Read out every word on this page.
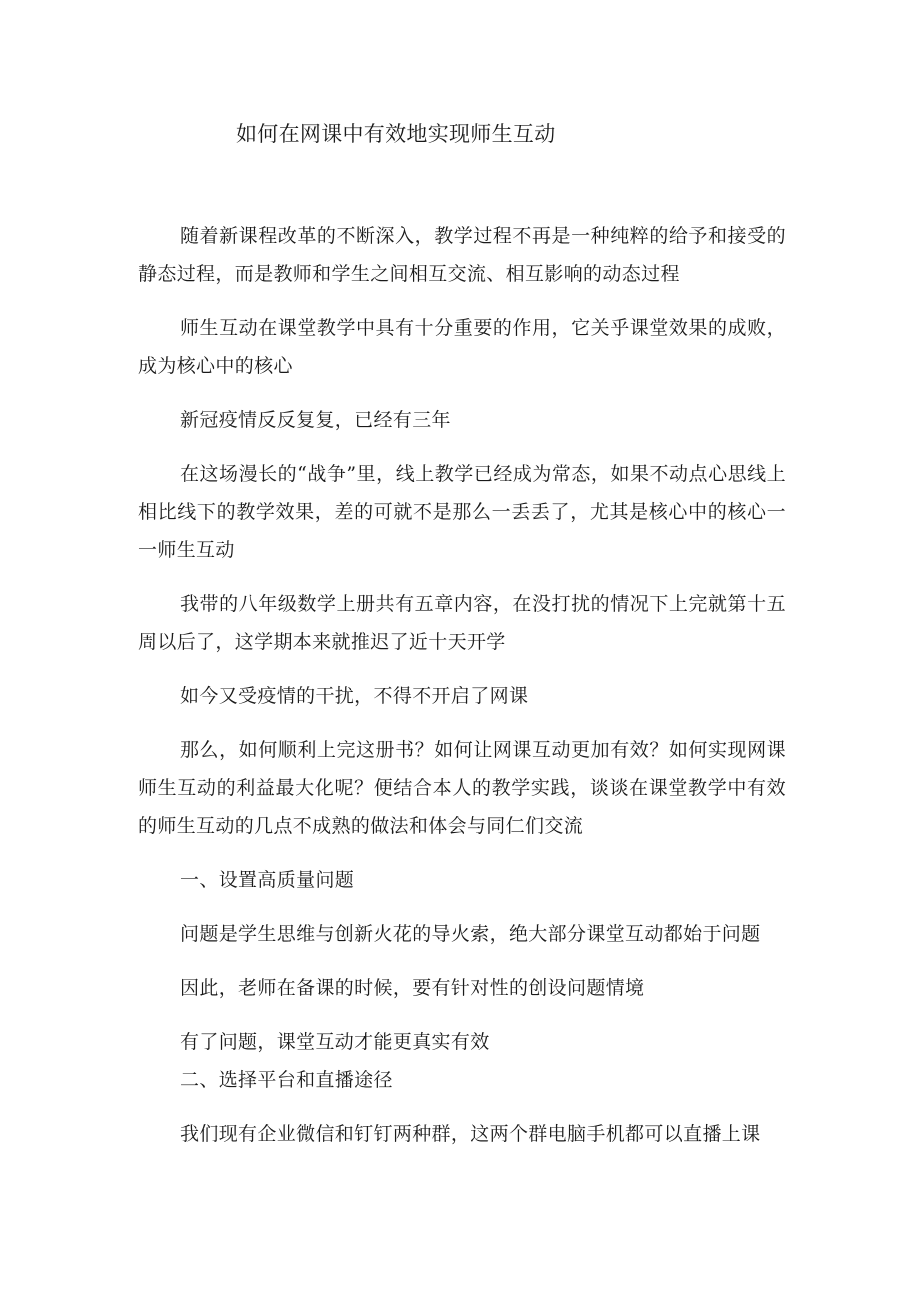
如何在网课中有效地实现师生互动

随着新课程改革的不断深入，教学过程不再是一种纯粹的给予和接受的静态过程，而是教师和学生之间相互交流、相互影响的动态过程

师生互动在课堂教学中具有十分重要的作用，它关乎课堂效果的成败，成为核心中的核心

新冠疫情反反复复，已经有三年

在这场漫长的“战争”里，线上教学已经成为常态，如果不动点心思线上相比线下的教学效果，差的可就不是那么一丢丢了，尤其是核心中的核心一一师生互动

我带的八年级数学上册共有五章内容，在没打扰的情况下上完就第十五周以后了，这学期本来就推迟了近十天开学

如今又受疫情的干扰，不得不开启了网课

那么，如何顺利上完这册书？如何让网课互动更加有效？如何实现网课师生互动的利益最大化呢？便结合本人的教学实践，谈谈在课堂教学中有效的师生互动的几点不成熟的做法和体会与同仁们交流

一、设置高质量问题

问题是学生思维与创新火花的导火索，绝大部分课堂互动都始于问题

因此，老师在备课的时候，要有针对性的创设问题情境

有了问题，课堂互动才能更真实有效

二、选择平台和直播途径

我们现有企业微信和钉钉两种群，这两个群电脑手机都可以直播上课
